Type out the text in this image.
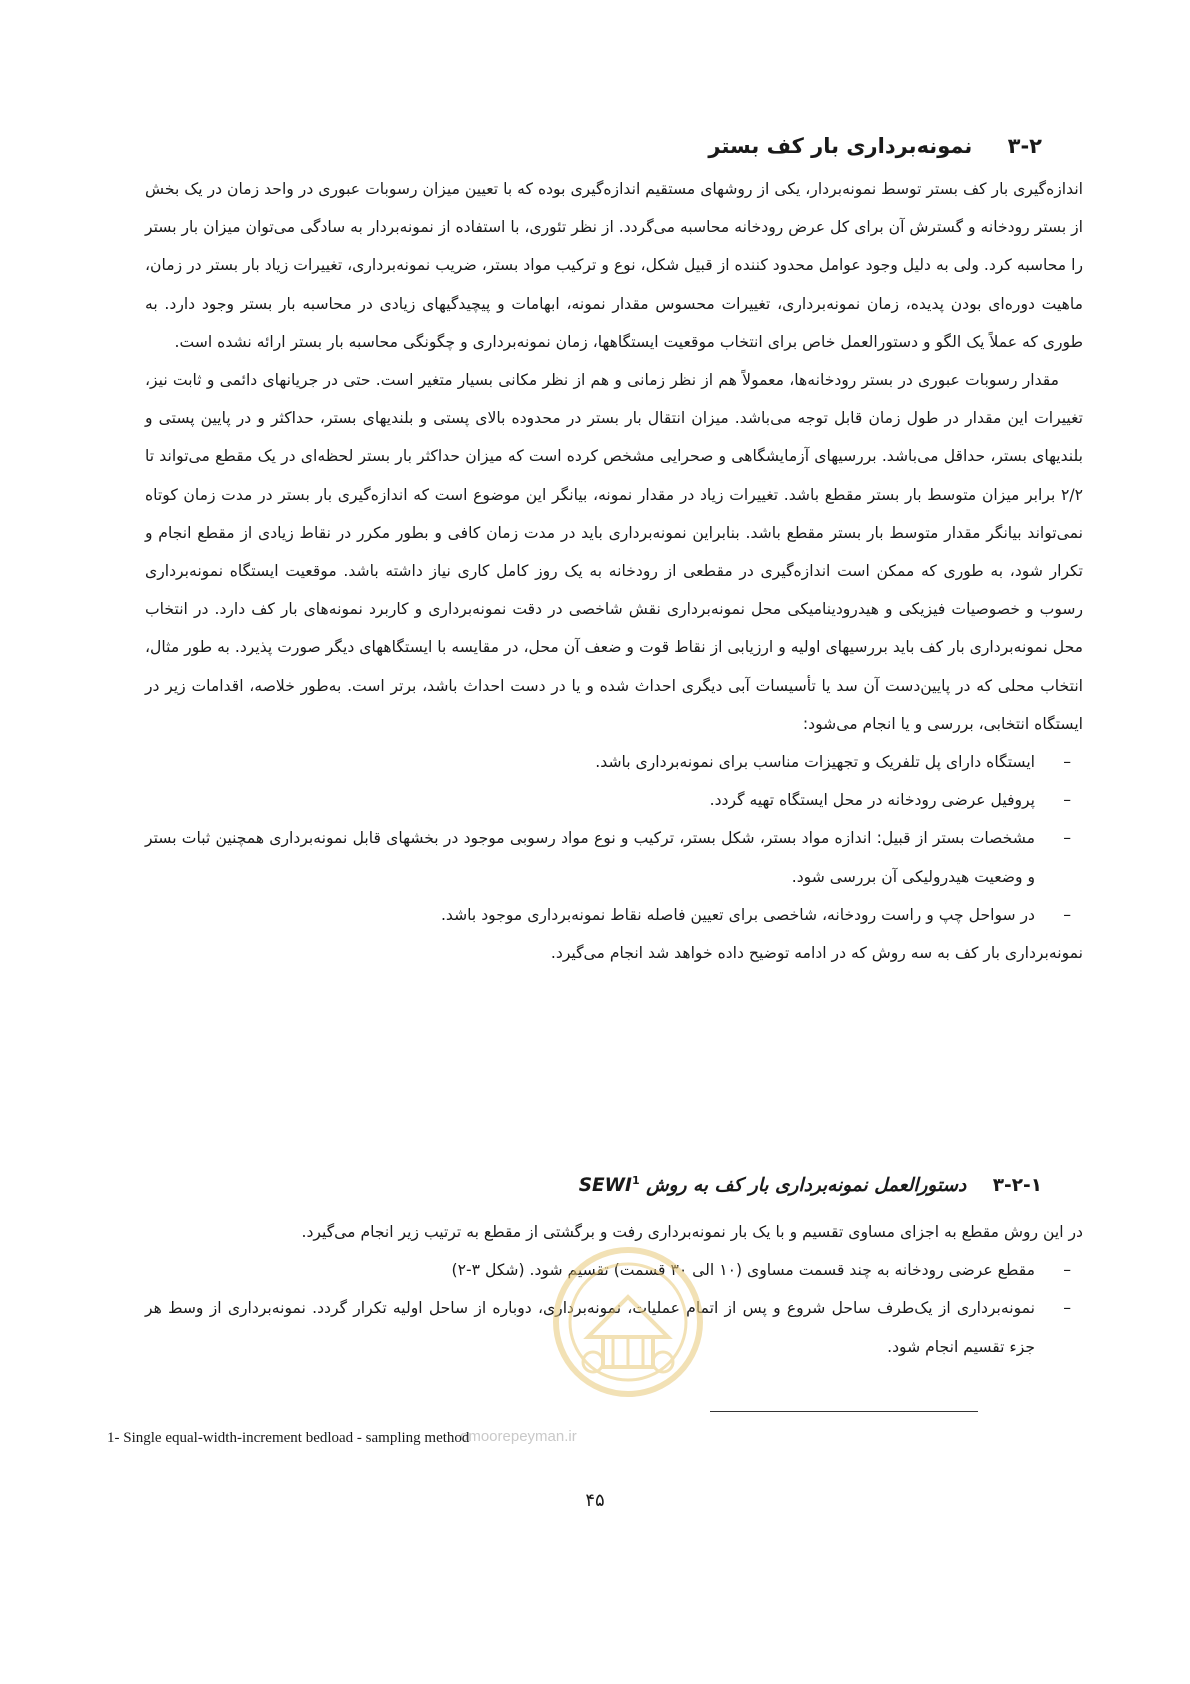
۳-۲ نمونه‌برداری بار کف بستر

اندازه‌گیری بار کف بستر توسط نمونه‌بردار، یکی از روشهای مستقیم اندازه‌گیری بوده که با تعیین میزان رسوبات عبوری در واحد زمان در یک بخش از بستر رودخانه و گسترش آن برای کل عرض رودخانه محاسبه می‌گردد. از نظر تئوری، با استفاده از نمونه‌بردار به سادگی می‌توان میزان بار بستر را محاسبه کرد. ولی به دلیل وجود عوامل محدود کننده از قبیل شکل، نوع و ترکیب مواد بستر، ضریب نمونه‌برداری، تغییرات زیاد بار بستر در زمان، ماهیت دوره‌ای بودن پدیده، زمان نمونه‌برداری، تغییرات محسوس مقدار نمونه، ابهامات و پیچیدگیهای زیادی در محاسبه بار بستر وجود دارد. به طوری که عملاً یک الگو و دستورالعمل خاص برای انتخاب موقعیت ایستگاهها، زمان نمونه‌برداری و چگونگی محاسبه بار بستر ارائه نشده است.

مقدار رسوبات عبوری در بستر رودخانه‌ها، معمولاً هم از نظر زمانی و هم از نظر مکانی بسیار متغیر است. حتی در جریانهای دائمی و ثابت نیز، تغییرات این مقدار در طول زمان قابل توجه می‌باشد. میزان انتقال بار بستر در محدوده بالای پستی و بلندیهای بستر، حداکثر و در پایین پستی و بلندیهای بستر، حداقل می‌باشد. بررسیهای آزمایشگاهی و صحرایی مشخص کرده است که میزان حداکثر بار بستر لحظه‌ای در یک مقطع می‌تواند تا ۲/۲ برابر میزان متوسط بار بستر مقطع باشد. تغییرات زیاد در مقدار نمونه، بیانگر این موضوع است که اندازه‌گیری بار بستر در مدت زمان کوتاه نمی‌تواند بیانگر مقدار متوسط بار بستر مقطع باشد. بنابراین نمونه‌برداری باید در مدت زمان کافی و بطور مکرر در نقاط زیادی از مقطع انجام و تکرار شود، به طوری که ممکن است اندازه‌گیری در مقطعی از رودخانه به یک روز کامل کاری نیاز داشته باشد. موقعیت ایستگاه نمونه‌برداری رسوب و خصوصیات فیزیکی و هیدرودینامیکی محل نمونه‌برداری نقش شاخصی در دقت نمونه‌برداری و کاربرد نمونه‌های بار کف دارد. در انتخاب محل نمونه‌برداری بار کف باید بررسیهای اولیه و ارزیابی از نقاط قوت و ضعف آن محل، در مقایسه با ایستگاههای دیگر صورت پذیرد. به طور مثال، انتخاب محلی که در پایین‌دست آن سد یا تأسیسات آبی دیگری احداث شده و یا در دست احداث باشد، برتر است. به‌طور خلاصه، اقدامات زیر در ایستگاه انتخابی، بررسی و یا انجام می‌شود:

–
ایستگاه دارای پل تلفریک و تجهیزات مناسب برای نمونه‌برداری باشد.
–
پروفیل عرضی رودخانه در محل ایستگاه تهیه گردد.
–
مشخصات بستر از قبیل: اندازه مواد بستر، شکل بستر، ترکیب و نوع مواد رسوبی موجود در بخشهای قابل نمونه‌برداری همچنین ثبات بستر و وضعیت هیدرولیکی آن بررسی شود.
–
در سواحل چپ و راست رودخانه، شاخصی برای تعیین فاصله نقاط نمونه‌برداری موجود باشد.

نمونه‌برداری بار کف به سه روش که در ادامه توضیح داده خواهد شد انجام می‌گیرد.

۳-۲-۱ دستورالعمل نمونه‌برداری بار کف به روش SEWI$^1$

در این روش مقطع به اجزای مساوی تقسیم و با یک بار نمونه‌برداری رفت و برگشتی از مقطع به ترتیب زیر انجام می‌گیرد.

–
مقطع عرضی رودخانه به چند قسمت مساوی (۱۰ الی ۳۰ قسمت) تقسیم شود. (شکل ۳-۲)
–
نمونه‌برداری از یک‌طرف ساحل شروع و پس از اتمام عملیات، نمونه‌برداری، دوباره از ساحل اولیه تکرار گردد. نمونه‌برداری از وسط هر جزء تقسیم انجام شود.
omoorepeyman.ir
1- Single equal-width-increment bedload - sampling method
۴۵
